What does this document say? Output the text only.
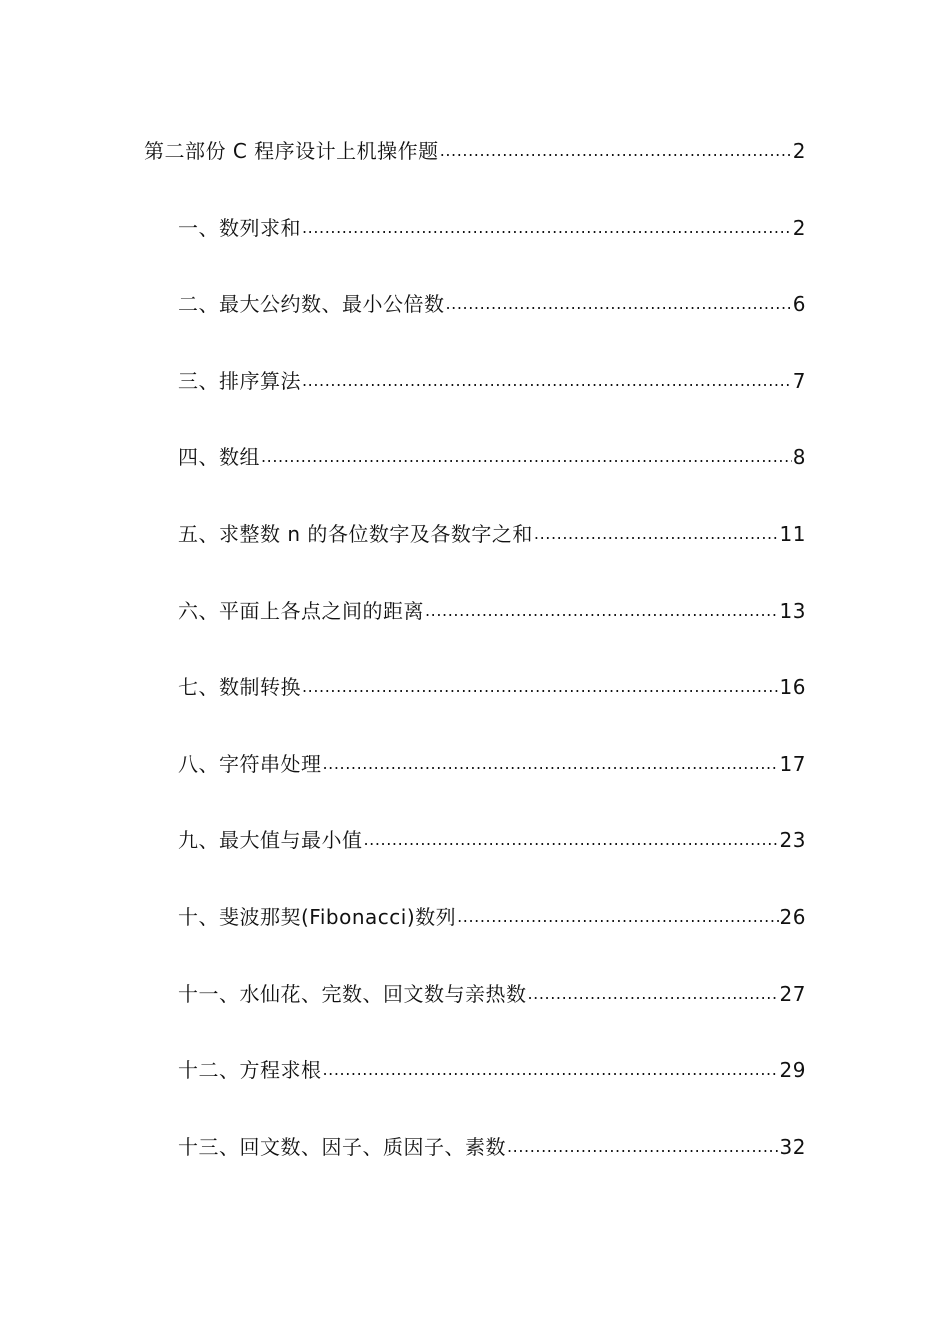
第二部份 C 程序设计上机操作题 .....	2
一、数列求和 .....	2
二、最大公约数、最小公倍数 .....	6
三、排序算法 .....	7
四、数组 .....	8
五、求整数 n 的各位数字及各数字之和 .....	11
六、平面上各点之间的距离 .....	13
七、数制转换 .....	16
八、字符串处理 .....	17
九、最大值与最小值 .....	23
十、斐波那契(Fibonacci)数列 .....	26
十一、水仙花、完数、回文数与亲热数 .....	27
十二、方程求根 .....	29
十三、回文数、因子、质因子、素数 .....	32
